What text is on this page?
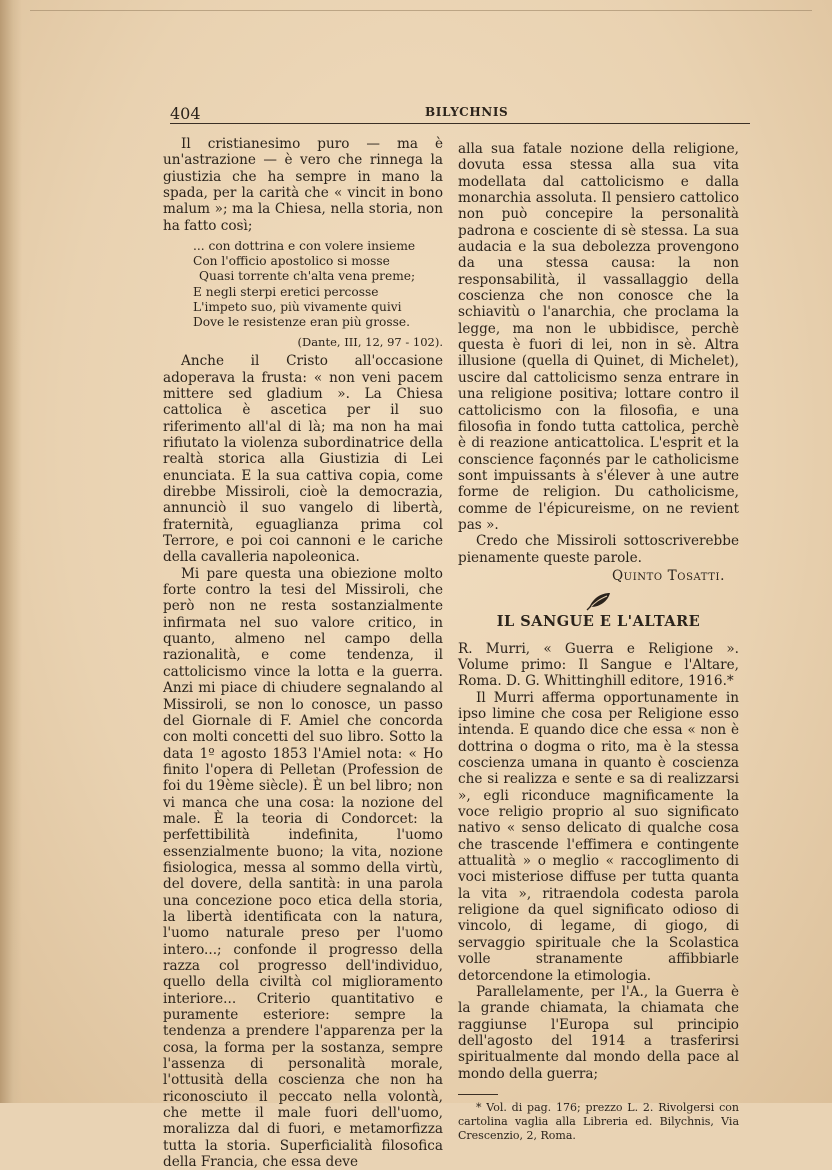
404	BILYCHNIS

Il cristianesimo puro — ma è un'astrazione — è vero che rinnega la giustizia che ha sempre in mano la spada, per la carità che « vincit in bono malum »; ma la Chiesa, nella storia, non ha fatto così;

... con dottrina e con volere insieme
Con l'officio apostolico si mosse
Quasi torrente ch'alta vena preme;
E negli sterpi eretici percosse
L'impeto suo, più vivamente quivi
Dove le resistenze eran più grosse.
(Dante, III, 12, 97 - 102).

Anche il Cristo all'occasione adoperava la frusta: « non veni pacem mittere sed gladium ». La Chiesa cattolica è ascetica per il suo riferimento all'al di là; ma non ha mai rifiutato la violenza subordinatrice della realtà storica alla Giustizia di Lei enunciata. E la sua cattiva copia, come direbbe Missiroli, cioè la democrazia, annunciò il suo vangelo di libertà, fraternità, eguaglianza prima col Terrore, e poi coi cannoni e le cariche della cavalleria napoleonica.

Mi pare questa una obiezione molto forte contro la tesi del Missiroli, che però non ne resta sostanzialmente infirmata nel suo valore critico, in quanto, almeno nel campo della razionalità, e come tendenza, il cattolicismo vince la lotta e la guerra. Anzi mi piace di chiudere segnalando al Missiroli, se non lo conosce, un passo del Giornale di F. Amiel che concorda con molti concetti del suo libro. Sotto la data 1º agosto 1853 l'Amiel nota: « Ho finito l'opera di Pelletan (Profession de foi du 19ème siècle). È un bel libro; non vi manca che una cosa: la nozione del male. È la teoria di Condorcet: la perfettibilità indefinita, l'uomo essenzialmente buono; la vita, nozione fisiologica, messa al sommo della virtù, del dovere, della santità: in una parola una concezione poco etica della storia, la libertà identificata con la natura, l'uomo naturale preso per l'uomo intero...; confonde il progresso della razza col progresso dell'individuo, quello della civiltà col miglioramento interiore... Criterio quantitativo e puramente esteriore: sempre la tendenza a prendere l'apparenza per la cosa, la forma per la sostanza, sempre l'assenza di personalità morale, l'ottusità della coscienza che non ha riconosciuto il peccato nella volontà, che mette il male fuori dell'uomo, moralizza dal di fuori, e metamorfizza tutta la storia. Superficialità filosofica della Francia, che essa deve

alla sua fatale nozione della religione, dovuta essa stessa alla sua vita modellata dal cattolicismo e dalla monarchia assoluta. Il pensiero cattolico non può concepire la personalità padrona e cosciente di sè stessa. La sua audacia e la sua debolezza provengono da una stessa causa: la non responsabilità, il vassallaggio della coscienza che non conosce che la schiavitù o l'anarchia, che proclama la legge, ma non le ubbidisce, perchè questa è fuori di lei, non in sè. Altra illusione (quella di Quinet, di Michelet), uscire dal cattolicismo senza entrare in una religione positiva; lottare contro il cattolicismo con la filosofia, e una filosofia in fondo tutta cattolica, perchè è di reazione anticattolica. L'esprit et la conscience façonnés par le catholicisme sont impuissants à s'élever à une autre forme de religion. Du catholicisme, comme de l'épicureisme, on ne revient pas ».

Credo che Missiroli sottoscriverebbe pienamente queste parole.

Quinto Tosatti.
IL SANGUE E L'ALTARE

R. Murri, « Guerra e Religione ». Volume primo: Il Sangue e l'Altare, Roma. D. G. Whittinghill editore, 1916.*

Il Murri afferma opportunamente in ipso limine che cosa per Religione esso intenda. E quando dice che essa « non è dottrina o dogma o rito, ma è la stessa coscienza umana in quanto è coscienza che si realizza e sente e sa di realizzarsi », egli riconduce magnificamente la voce religio proprio al suo significato nativo « senso delicato di qualche cosa che trascende l'effimera e contingente attualità » o meglio « raccoglimento di voci misteriose diffuse per tutta quanta la vita », ritraendola codesta parola religione da quel significato odioso di vincolo, di legame, di giogo, di servaggio spirituale che la Scolastica volle stranamente affibbiarle detorcendone la etimologia.

Parallelamente, per l'A., la Guerra è la grande chiamata, la chiamata che raggiunse l'Europa sul principio dell'agosto del 1914 a trasferirsi spiritualmente dal mondo della pace al mondo della guerra;

* Vol. di pag. 176; prezzo L. 2. Rivolgersi con cartolina vaglia alla Libreria ed. Bilychnis, Via Crescenzio, 2, Roma.
